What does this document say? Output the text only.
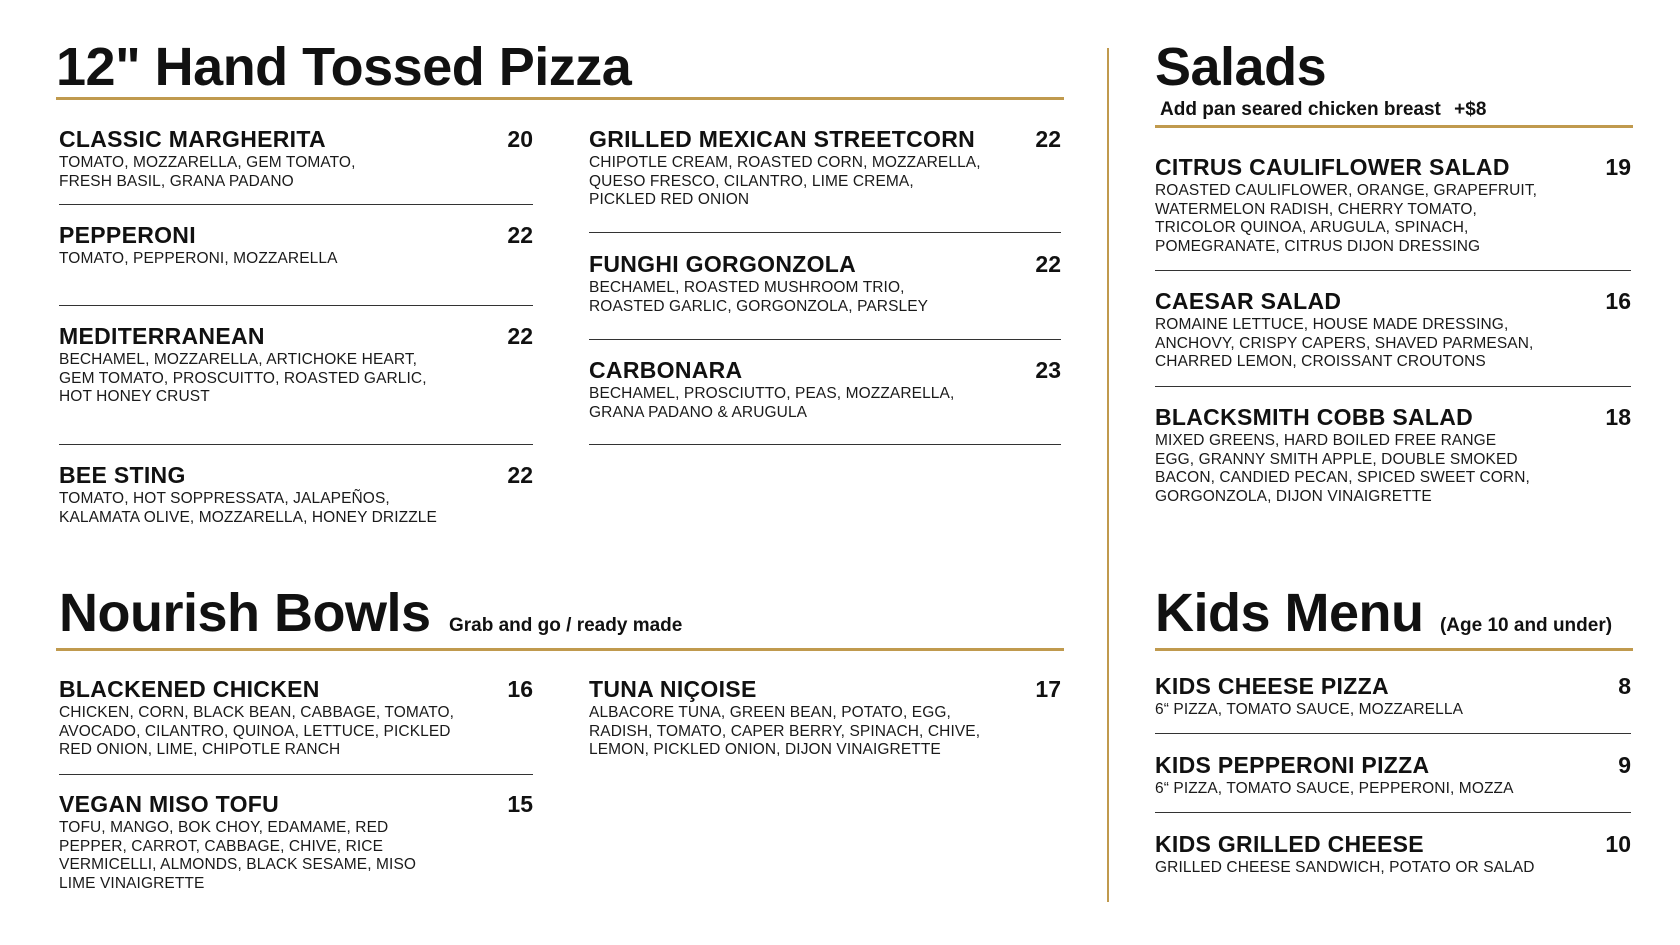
12" Hand Tossed Pizza
CLASSIC MARGHERITA	20
TOMATO, MOZZARELLA, GEM TOMATO,
FRESH BASIL, GRANA PADANO
PEPPERONI	22
TOMATO, PEPPERONI, MOZZARELLA
MEDITERRANEAN	22
BECHAMEL, MOZZARELLA, ARTICHOKE HEART,
GEM TOMATO, PROSCUITTO, ROASTED GARLIC,
HOT HONEY CRUST
BEE STING	22
TOMATO, HOT SOPPRESSATA, JALAPEÑOS,
KALAMATA OLIVE, MOZZARELLA, HONEY DRIZZLE
GRILLED MEXICAN STREETCORN	22
CHIPOTLE CREAM, ROASTED CORN, MOZZARELLA,
QUESO FRESCO, CILANTRO, LIME CREMA,
PICKLED RED ONION
FUNGHI GORGONZOLA	22
BECHAMEL, ROASTED MUSHROOM TRIO,
ROASTED GARLIC, GORGONZOLA, PARSLEY
CARBONARA	23
BECHAMEL, PROSCIUTTO, PEAS, MOZZARELLA,
GRANA PADANO & ARUGULA
Nourish Bowls Grab and go / ready made
BLACKENED CHICKEN	16
CHICKEN, CORN, BLACK BEAN, CABBAGE, TOMATO,
AVOCADO, CILANTRO, QUINOA, LETTUCE, PICKLED
RED ONION, LIME, CHIPOTLE RANCH
VEGAN MISO TOFU	15
TOFU, MANGO, BOK CHOY, EDAMAME, RED
PEPPER, CARROT, CABBAGE, CHIVE, RICE
VERMICELLI, ALMONDS, BLACK SESAME, MISO
LIME VINAIGRETTE
TUNA NIÇOISE	17
ALBACORE TUNA, GREEN BEAN, POTATO, EGG,
RADISH, TOMATO, CAPER BERRY, SPINACH, CHIVE,
LEMON, PICKLED ONION, DIJON VINAIGRETTE
Salads
Add pan seared chicken breast +$8
CITRUS CAULIFLOWER SALAD	19
ROASTED CAULIFLOWER, ORANGE, GRAPEFRUIT,
WATERMELON RADISH, CHERRY TOMATO,
TRICOLOR QUINOA, ARUGULA, SPINACH,
POMEGRANATE, CITRUS DIJON DRESSING
CAESAR SALAD	16
ROMAINE LETTUCE, HOUSE MADE DRESSING,
ANCHOVY, CRISPY CAPERS, SHAVED PARMESAN,
CHARRED LEMON, CROISSANT CROUTONS
BLACKSMITH COBB SALAD	18
MIXED GREENS, HARD BOILED FREE RANGE
EGG, GRANNY SMITH APPLE, DOUBLE SMOKED
BACON, CANDIED PECAN, SPICED SWEET CORN,
GORGONZOLA, DIJON VINAIGRETTE
Kids Menu (Age 10 and under)
KIDS CHEESE PIZZA	8
6“ PIZZA, TOMATO SAUCE, MOZZARELLA
KIDS PEPPERONI PIZZA	9
6“ PIZZA, TOMATO SAUCE, PEPPERONI, MOZZA
KIDS GRILLED CHEESE	10
GRILLED CHEESE SANDWICH, POTATO OR SALAD
